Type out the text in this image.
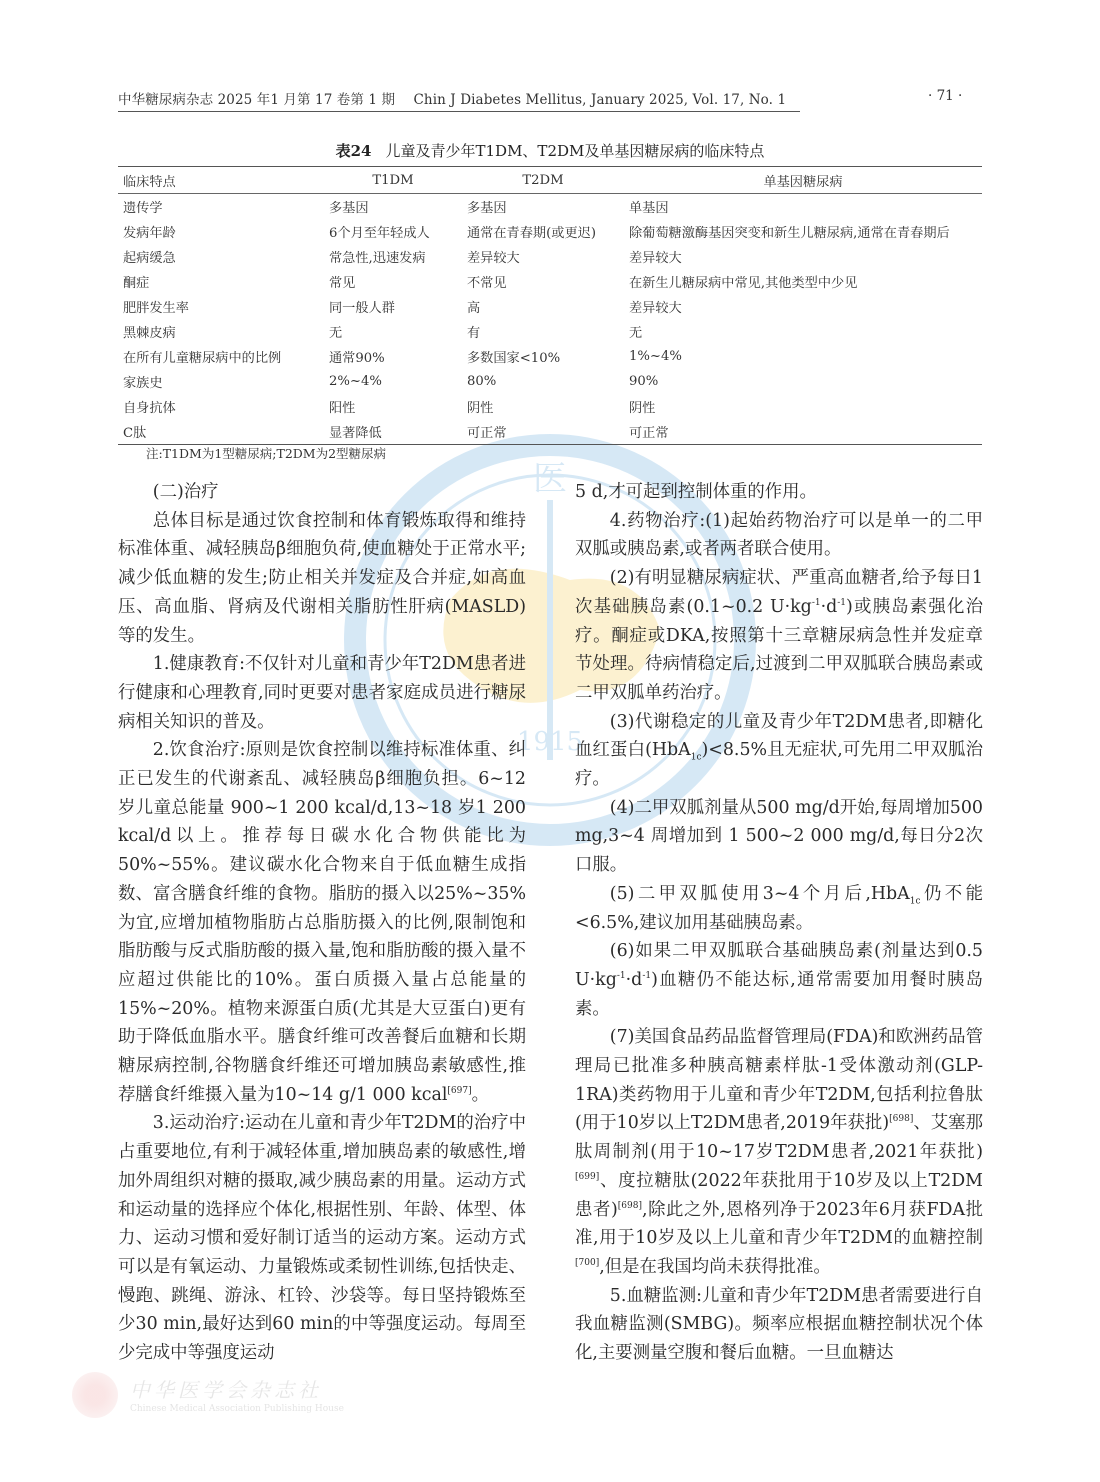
中华糖尿病杂志 2025 年1 月第 17 卷第 1 期 Chin J Diabetes Mellitus, January 2025, Vol. 17, No. 1	· 71 ·
医
1915
表24 儿童及青少年T1DM、T2DM及单基因糖尿病的临床特点
临床特点	T1DM	T2DM	单基因糖尿病
遗传学	多基因	多基因	单基因
发病年龄	6个月至年轻成人	通常在青春期(或更迟)	除葡萄糖激酶基因突变和新生儿糖尿病,通常在青春期后
起病缓急	常急性,迅速发病	差异较大	差异较大
酮症	常见	不常见	在新生儿糖尿病中常见,其他类型中少见
肥胖发生率	同一般人群	高	差异较大
黑棘皮病	无	有	无
在所有儿童糖尿病中的比例	通常90%	多数国家<10%	1%~4%
家族史	2%~4%	80%	90%
自身抗体	阳性	阴性	阴性
C肽	显著降低	可正常	可正常
注:T1DM为1型糖尿病;T2DM为2型糖尿病

(二)治疗

总体目标是通过饮食控制和体育锻炼取得和维持标准体重、减轻胰岛β细胞负荷,使血糖处于正常水平;减少低血糖的发生;防止相关并发症及合并症,如高血压、高血脂、肾病及代谢相关脂肪性肝病(MASLD)等的发生。

1.健康教育:不仅针对儿童和青少年T2DM患者进行健康和心理教育,同时更要对患者家庭成员进行糖尿病相关知识的普及。

2.饮食治疗:原则是饮食控制以维持标准体重、纠正已发生的代谢紊乱、减轻胰岛β细胞负担。6~12 岁儿童总能量 900~1 200 kcal/d,13~18 岁1 200 kcal/d以上。推荐每日碳水化合物供能比为50%~55%。建议碳水化合物来自于低血糖生成指数、富含膳食纤维的食物。脂肪的摄入以25%~35%为宜,应增加植物脂肪占总脂肪摄入的比例,限制饱和脂肪酸与反式脂肪酸的摄入量,饱和脂肪酸的摄入量不应超过供能比的10%。蛋白质摄入量占总能量的15%~20%。植物来源蛋白质(尤其是大豆蛋白)更有助于降低血脂水平。膳食纤维可改善餐后血糖和长期糖尿病控制,谷物膳食纤维还可增加胰岛素敏感性,推荐膳食纤维摄入量为10~14 g/1 000 kcal[697]。

3.运动治疗:运动在儿童和青少年T2DM的治疗中占重要地位,有利于减轻体重,增加胰岛素的敏感性,增加外周组织对糖的摄取,减少胰岛素的用量。运动方式和运动量的选择应个体化,根据性别、年龄、体型、体力、运动习惯和爱好制订适当的运动方案。运动方式可以是有氧运动、力量锻炼或柔韧性训练,包括快走、慢跑、跳绳、游泳、杠铃、沙袋等。每日坚持锻炼至少30 min,最好达到60 min的中等强度运动。每周至少完成中等强度运动

5 d,才可起到控制体重的作用。

4.药物治疗:(1)起始药物治疗可以是单一的二甲双胍或胰岛素,或者两者联合使用。

(2)有明显糖尿病症状、严重高血糖者,给予每日1次基础胰岛素(0.1~0.2 $U\cdot kg^{-1}\cdot d^{-1}$)或胰岛素强化治疗。酮症或DKA,按照第十三章糖尿病急性并发症章节处理。待病情稳定后,过渡到二甲双胍联合胰岛素或二甲双胍单药治疗。

(3)代谢稳定的儿童及青少年T2DM患者,即糖化血红蛋白(HbA$_{1c}$)<8.5%且无症状,可先用二甲双胍治疗。

(4)二甲双胍剂量从500 mg/d开始,每周增加500 mg,3~4 周增加到 1 500~2 000 mg/d,每日分2次口服。

(5)二甲双胍使用3~4个月后,HbA$_{1c}$仍不能<6.5%,建议加用基础胰岛素。

(6)如果二甲双胍联合基础胰岛素(剂量达到0.5 $U\cdot kg^{-1}\cdot d^{-1}$)血糖仍不能达标,通常需要加用餐时胰岛素。

(7)美国食品药品监督管理局(FDA)和欧洲药品管理局已批准多种胰高糖素样肽-1受体激动剂(GLP-1RA)类药物用于儿童和青少年T2DM,包括利拉鲁肽(用于10岁以上T2DM患者,2019年获批)[698]、艾塞那肽周制剂(用于10~17岁T2DM患者,2021年获批)[699]、度拉糖肽(2022年获批用于10岁及以上T2DM患者)[698],除此之外,恩格列净于2023年6月获FDA批准,用于10岁及以上儿童和青少年T2DM的血糖控制[700],但是在我国均尚未获得批准。

5.血糖监测:儿童和青少年T2DM患者需要进行自我血糖监测(SMBG)。频率应根据血糖控制状况个体化,主要测量空腹和餐后血糖。一旦血糖达

中华医学会杂志社
Chinese Medical Association Publishing House
